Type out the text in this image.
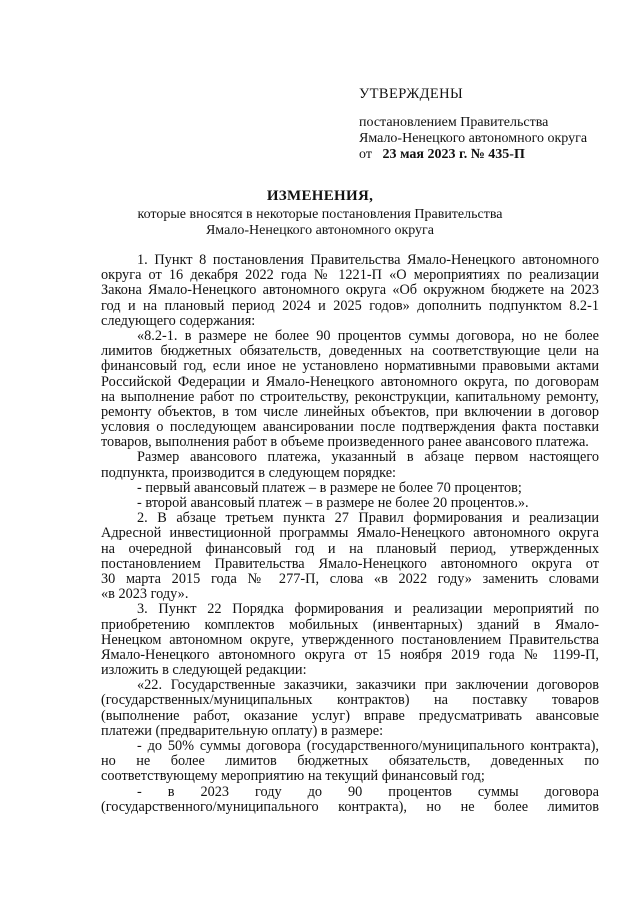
УТВЕРЖДЕНЫ
постановлением Правительства
Ямало-Ненецкого автономного округа
от 23 мая 2023 г. № 435-П
ИЗМЕНЕНИЯ,
которые вносятся в некоторые постановления Правительства
Ямало-Ненецкого автономного округа
1. Пункт 8 постановления Правительства Ямало-Ненецкого автономного
округа от 16 декабря 2022 года № 1221-П «О мероприятиях по реализации
Закона Ямало-Ненецкого автономного округа «Об окружном бюджете на 2023
год и на плановый период 2024 и 2025 годов» дополнить подпунктом 8.2-1
следующего содержания:
«8.2-1. в размере не более 90 процентов суммы договора, но не более
лимитов бюджетных обязательств, доведенных на соответствующие цели на
финансовый год, если иное не установлено нормативными правовыми актами
Российской Федерации и Ямало-Ненецкого автономного округа, по договорам
на выполнение работ по строительству, реконструкции, капитальному ремонту,
ремонту объектов, в том числе линейных объектов, при включении в договор
условия о последующем авансировании после подтверждения факта поставки
товаров, выполнения работ в объеме произведенного ранее авансового платежа.
Размер авансового платежа, указанный в абзаце первом настоящего
подпункта, производится в следующем порядке:
- первый авансовый платеж – в размере не более 70 процентов;
- второй авансовый платеж – в размере не более 20 процентов.».
2. В абзаце третьем пункта 27 Правил формирования и реализации
Адресной инвестиционной программы Ямало-Ненецкого автономного округа
на очередной финансовый год и на плановый период, утвержденных
постановлением Правительства Ямало-Ненецкого автономного округа от
30 марта 2015 года № 277-П, слова «в 2022 году» заменить словами
«в 2023 году».
3. Пункт 22 Порядка формирования и реализации мероприятий по
приобретению комплектов мобильных (инвентарных) зданий в Ямало-
Ненецком автономном округе, утвержденного постановлением Правительства
Ямало-Ненецкого автономного округа от 15 ноября 2019 года № 1199-П,
изложить в следующей редакции:
«22. Государственные заказчики, заказчики при заключении договоров
(государственных/муниципальных контрактов) на поставку товаров
(выполнение работ, оказание услуг) вправе предусматривать авансовые
платежи (предварительную оплату) в размере:
- до 50% суммы договора (государственного/муниципального контракта),
но не более лимитов бюджетных обязательств, доведенных по
соответствующему мероприятию на текущий финансовый год;
- в 2023 году до 90 процентов суммы договора
(государственного/муниципального контракта), но не более лимитов
